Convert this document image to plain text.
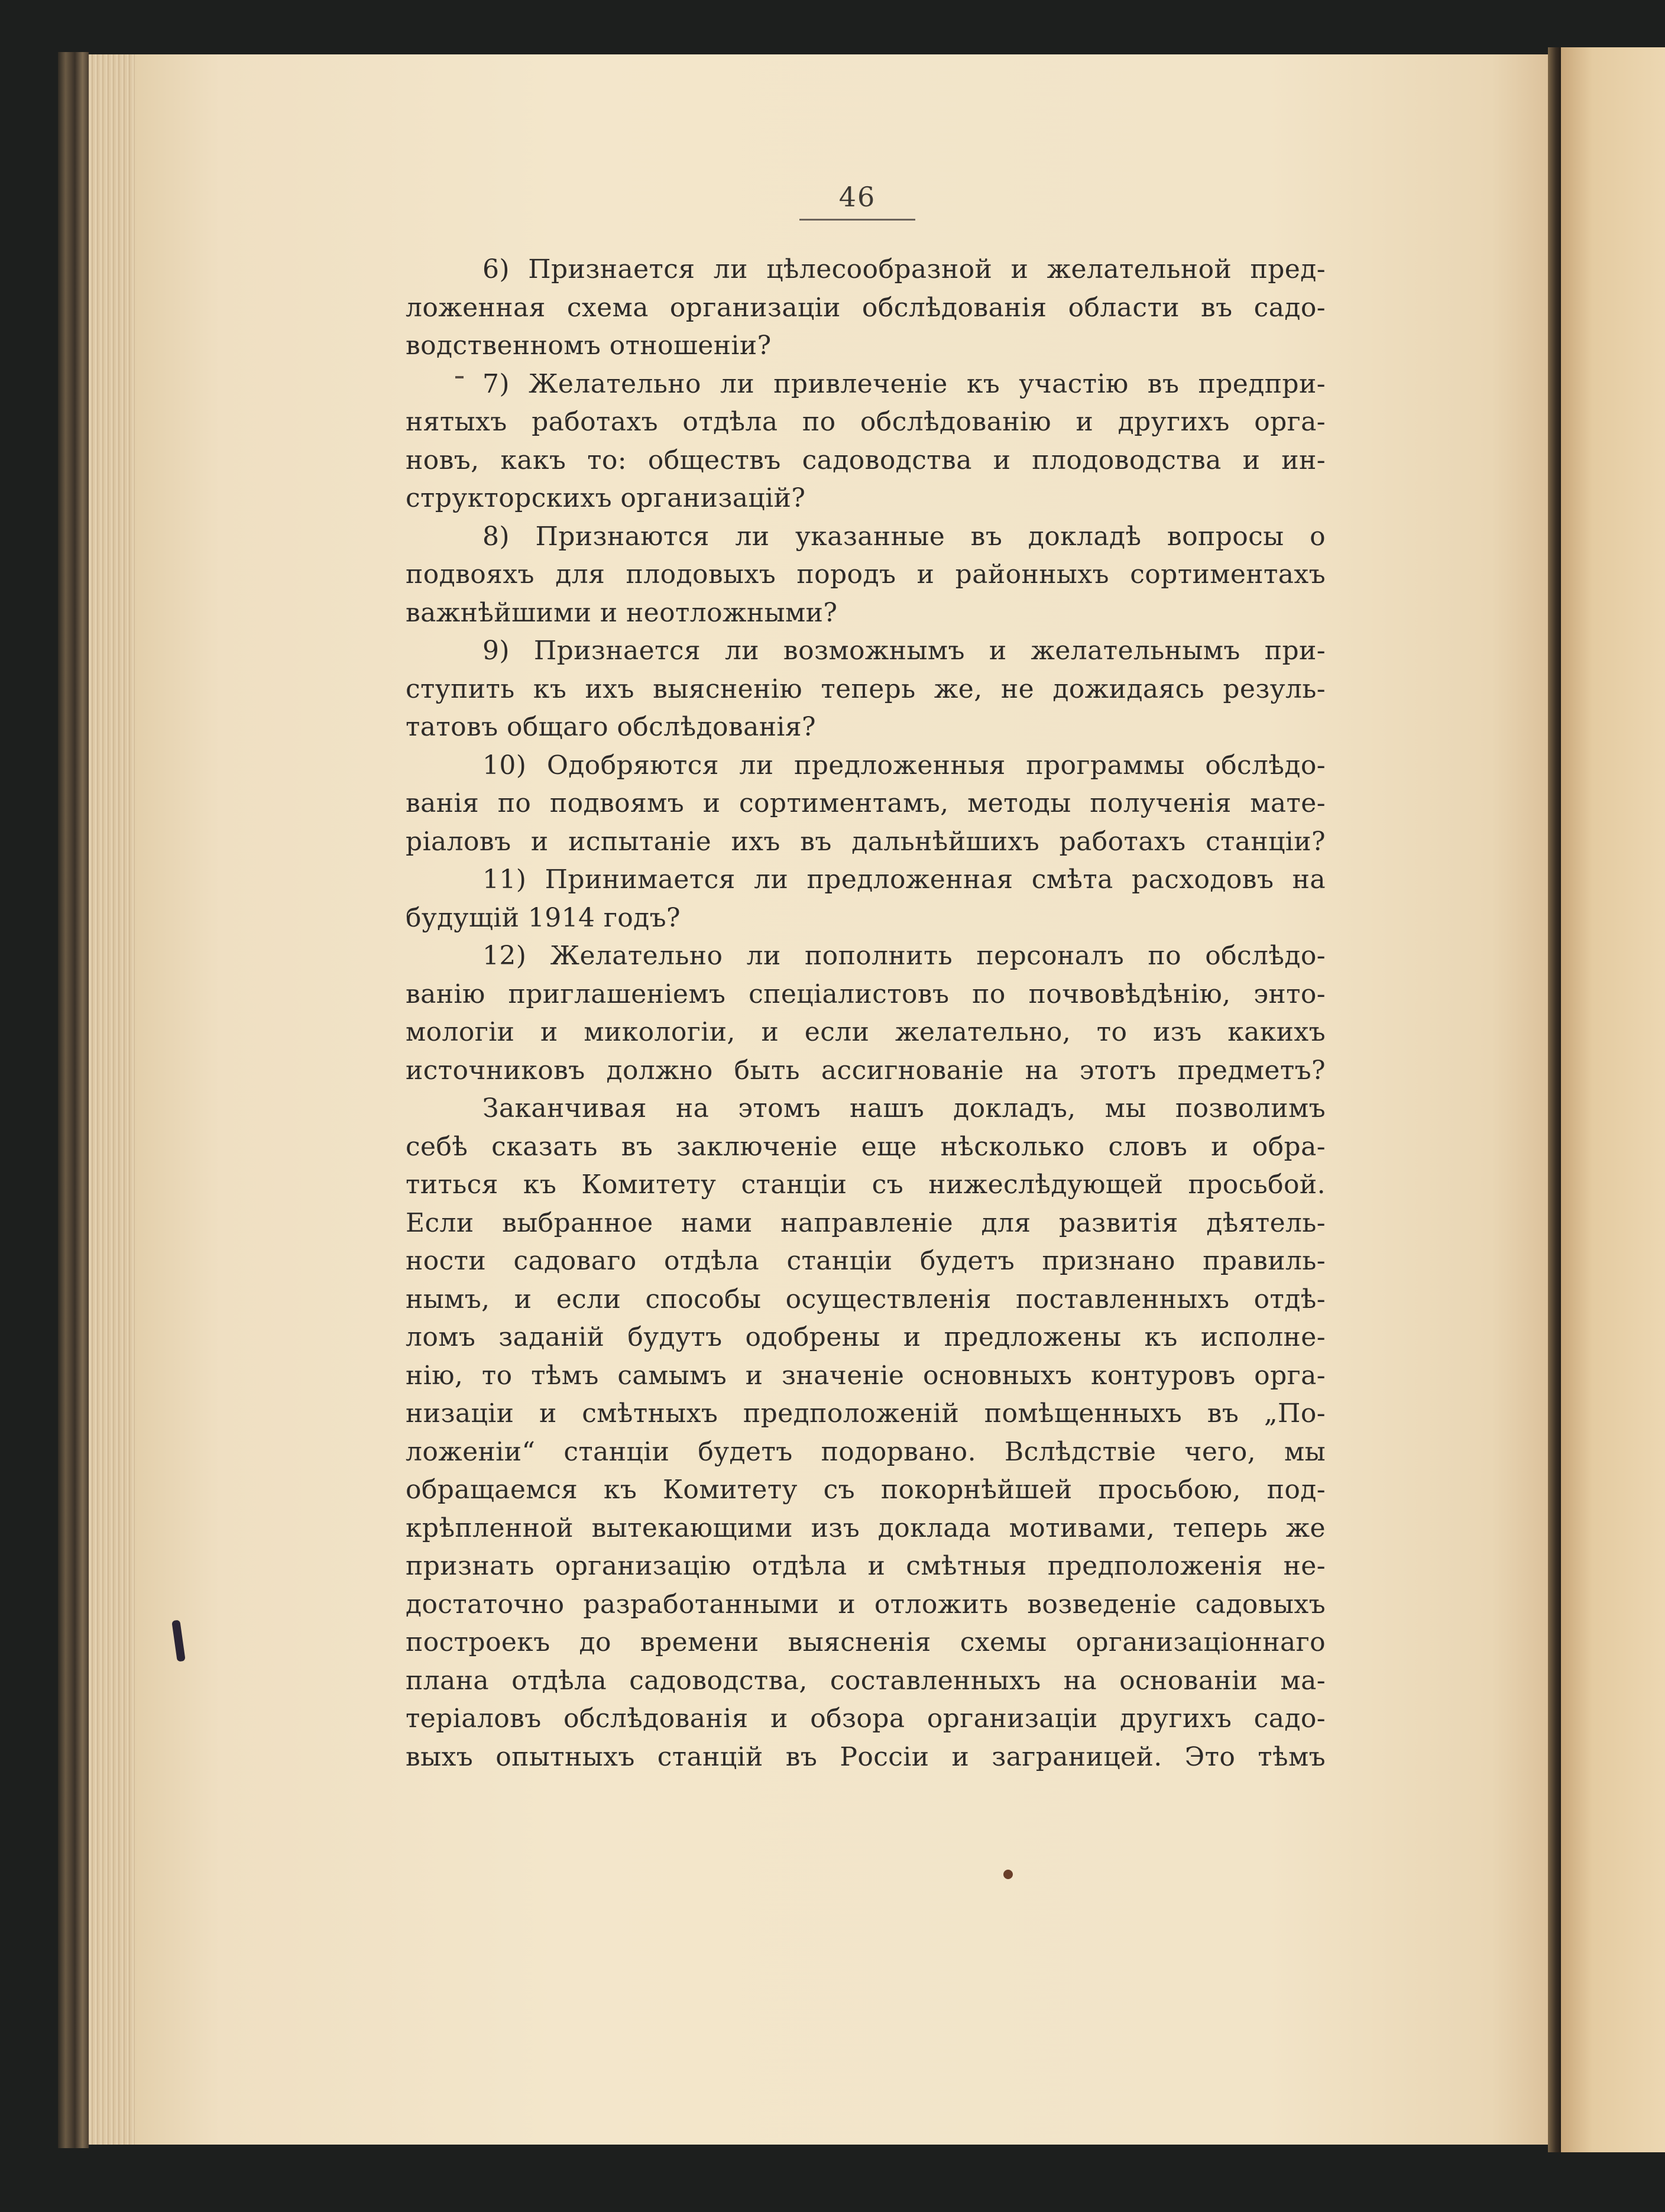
46
6) Признается ли цѣлесообразной и желательной пред-
ложенная схема организаціи обслѣдованія области въ садо-
водственномъ отношеніи?
7) Желательно ли привлеченіе къ участію въ предпри-
нятыхъ работахъ отдѣла по обслѣдованію и другихъ орга-
новъ, какъ то: обществъ садоводства и плодоводства и ин-
структорскихъ организацій?
8) Признаются ли указанные въ докладѣ вопросы о
подвояхъ для плодовыхъ породъ и районныхъ сортиментахъ
важнѣйшими и неотложными?
9) Признается ли возможнымъ и желательнымъ при-
ступить къ ихъ выясненію теперь же, не дожидаясь резуль-
татовъ общаго обслѣдованія?
10) Одобряются ли предложенныя программы обслѣдо-
ванія по подвоямъ и сортиментамъ, методы полученія мате-
ріаловъ и испытаніе ихъ въ дальнѣйшихъ работахъ станціи?
11) Принимается ли предложенная смѣта расходовъ на
будущій 1914 годъ?
12) Желательно ли пополнить персоналъ по обслѣдо-
ванію приглашеніемъ спеціалистовъ по почвовѣдѣнію, энто-
мологіи и микологіи, и если желательно, то изъ какихъ
источниковъ должно быть ассигнованіе на этотъ предметъ?
Заканчивая на этомъ нашъ докладъ, мы позволимъ
себѣ сказать въ заключеніе еще нѣсколько словъ и обра-
титься къ Комитету станціи съ нижеслѣдующей просьбой.
Если выбранное нами направленіе для развитія дѣятель-
ности садоваго отдѣла станціи будетъ признано правиль-
нымъ, и если способы осуществленія поставленныхъ отдѣ-
ломъ заданій будутъ одобрены и предложены къ исполне-
нію, то тѣмъ самымъ и значеніе основныхъ контуровъ орга-
низаціи и смѣтныхъ предположеній помѣщенныхъ въ „По-
ложеніи“ станціи будетъ подорвано. Вслѣдствіе чего, мы
обращаемся къ Комитету съ покорнѣйшей просьбою, под-
крѣпленной вытекающими изъ доклада мотивами, теперь же
признать организацію отдѣла и смѣтныя предположенія не-
достаточно разработанными и отложить возведеніе садовыхъ
построекъ до времени выясненія схемы организаціоннаго
плана отдѣла садоводства, составленныхъ на основаніи ма-
теріаловъ обслѣдованія и обзора организаціи другихъ садо-
выхъ опытныхъ станцій въ Россіи и заграницей. Это тѣмъ
